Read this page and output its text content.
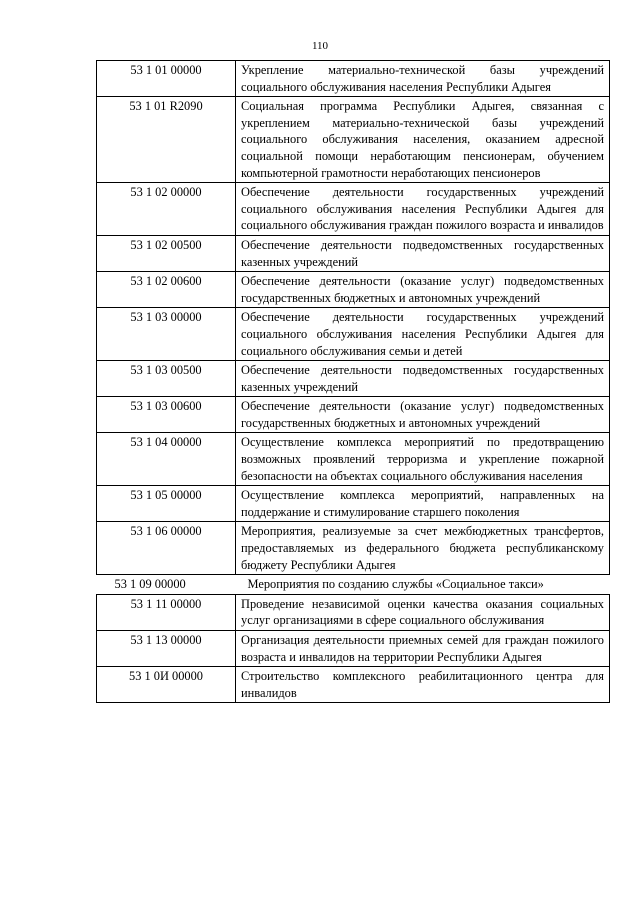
110
53 1 01 00000	Укрепление материально-технической базы учреждений социального обслуживания населения Республики Адыгея
53 1 01 R2090	Социальная программа Республики Адыгея, связанная с укреплением материально-технической базы учреждений социального обслуживания населения, оказанием адресной социальной помощи неработающим пенсионерам, обучением компьютерной грамотности неработающих пенсионеров
53 1 02 00000	Обеспечение деятельности государственных учреждений социального обслуживания населения Республики Адыгея для социального обслуживания граждан пожилого возраста и инвалидов
53 1 02 00500	Обеспечение деятельности подведомственных государственных казенных учреждений
53 1 02 00600	Обеспечение деятельности (оказание услуг) подведомственных государственных бюджетных и автономных учреждений
53 1 03 00000	Обеспечение деятельности государственных учреждений социального обслуживания населения Республики Адыгея для социального обслуживания семьи и детей
53 1 03 00500	Обеспечение деятельности подведомственных государственных казенных учреждений
53 1 03 00600	Обеспечение деятельности (оказание услуг) подведомственных государственных бюджетных и автономных учреждений
53 1 04 00000	Осуществление комплекса мероприятий по предотвращению возможных проявлений терроризма и укрепление пожарной безопасности на объектах социального обслуживания населения
53 1 05 00000	Осуществление комплекса мероприятий, направленных на поддержание и стимулирование старшего поколения
53 1 06 00000	Мероприятия, реализуемые за счет межбюджетных трансфертов, предоставляемых из федерального бюджета республиканскому бюджету Республики Адыгея
53 1 09 00000	Мероприятия по созданию службы «Социальное такси»
53 1 11 00000	Проведение независимой оценки качества оказания социальных услуг организациями в сфере социального обслуживания
53 1 13 00000	Организация деятельности приемных семей для граждан пожилого возраста и инвалидов на территории Республики Адыгея
53 1 0И 00000	Строительство комплексного реабилитационного центра для инвалидов
